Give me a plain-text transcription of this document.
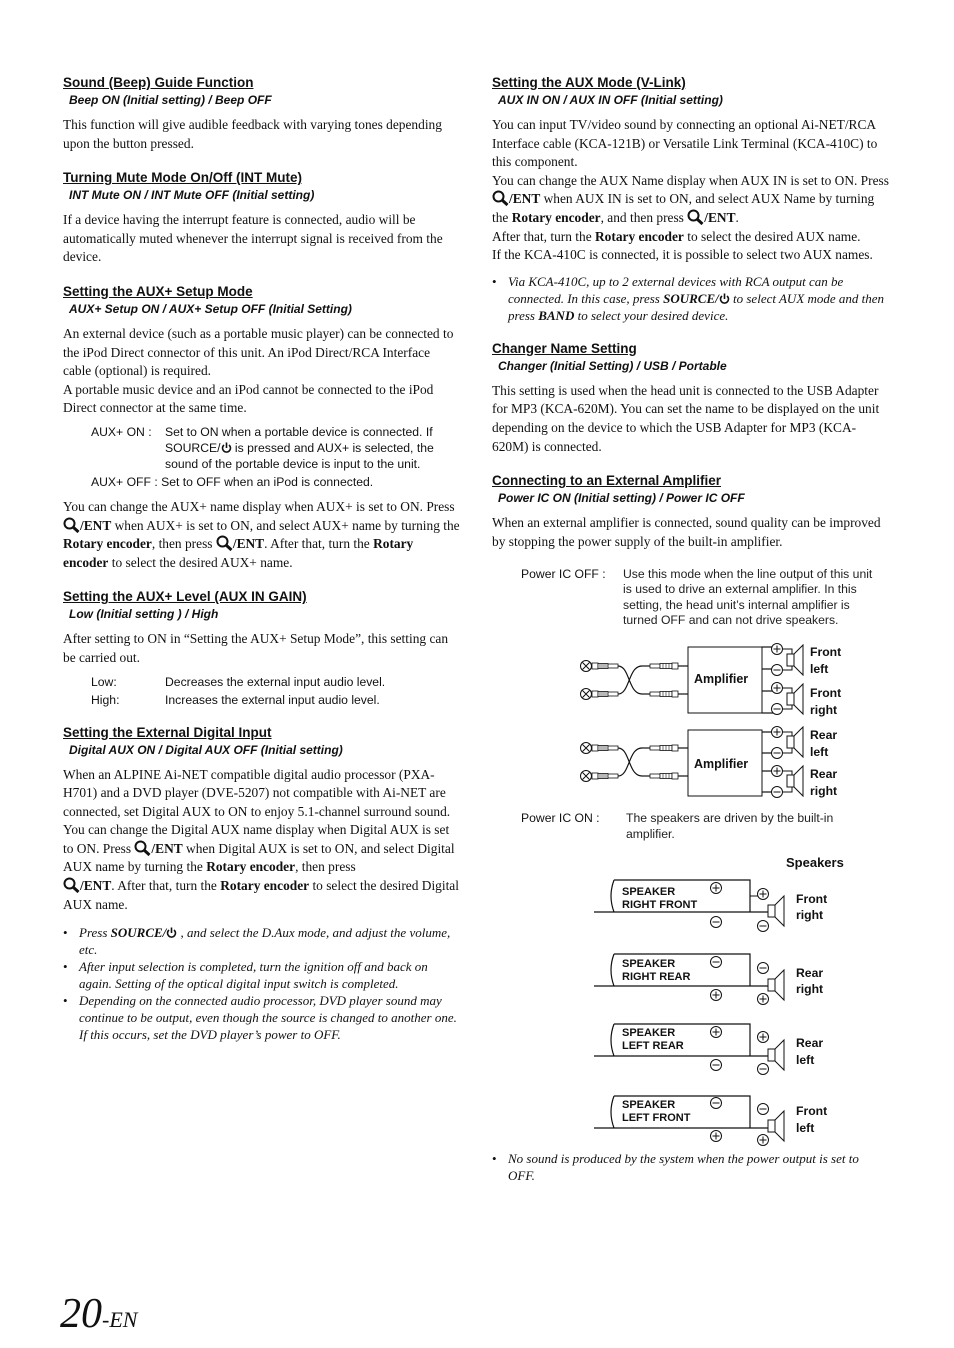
Sound (Beep) Guide Function
Beep ON (Initial setting) / Beep OFF

This function will give audible feedback with varying tones depending upon the button pressed.

Turning Mute Mode On/Off (INT Mute)
INT Mute ON / INT Mute OFF (Initial setting)

If a device having the interrupt feature is connected, audio will be automatically muted whenever the interrupt signal is received from the device.

Setting the AUX+ Setup Mode
AUX+ Setup ON / AUX+ Setup OFF (Initial Setting)

An external device (such as a portable music player) can be connected to the iPod Direct connector of this unit. An iPod Direct/RCA Interface cable (optional) is required.

A portable music device and an iPod cannot be connected to the iPod Direct connector at the same time.

AUX+ ON :	Set to ON when a portable device is connected. If
SOURCE/ is pressed and AUX+ is selected, the sound of the portable device is input to the unit.
AUX+ OFF : Set to OFF when an iPod is connected.

You can change the AUX+ name display when AUX+ is set to ON. Press /ENT when AUX+ is set to ON, and select AUX+ name by turning the Rotary encoder, then press /ENT. After that, turn the Rotary encoder to select the desired AUX+ name.

Setting the AUX+ Level (AUX IN GAIN)
Low (Initial setting ) / High

After setting to ON in “Setting the AUX+ Setup Mode”, this setting can be carried out.

Low:	Decreases the external input audio level.
High:	Increases the external input audio level.
Setting the External Digital Input
Digital AUX ON / Digital AUX OFF (Initial setting)

When an ALPINE Ai-NET compatible digital audio processor (PXA-H701) and a DVD player (DVE-5207) not compatible with Ai-NET are connected, set Digital AUX to ON to enjoy 5.1-channel surround sound.

You can change the Digital AUX name display when Digital AUX is set to ON. Press /ENT when Digital AUX is set to ON, and select Digital AUX name by turning the Rotary encoder, then press
/ENT. After that, turn the Rotary encoder to select the desired Digital AUX name.

• Press SOURCE/ , and select the D.Aux mode, and adjust the volume, etc.
• After input selection is completed, turn the ignition off and back on again. Setting of the optical digital input switch is completed.
• Depending on the connected audio processor, DVD player sound may continue to be output, even though the source is changed to another one. If this occurs, set the DVD player’s power to OFF.
Setting the AUX Mode (V-Link)
AUX IN ON / AUX IN OFF (Initial setting)

You can input TV/video sound by connecting an optional Ai-NET/RCA Interface cable (KCA-121B) or Versatile Link Terminal (KCA-410C) to this component.

You can change the AUX Name display when AUX IN is set to ON. Press /ENT when AUX IN is set to ON, and select AUX Name by turning the Rotary encoder, and then press /ENT.

After that, turn the Rotary encoder to select the desired AUX name.

If the KCA-410C is connected, it is possible to select two AUX names.

• Via KCA-410C, up to 2 external devices with RCA output can be connected. In this case, press SOURCE/ to select AUX mode and then press BAND to select your desired device.
Changer Name Setting
Changer (Initial Setting) / USB / Portable

This setting is used when the head unit is connected to the USB Adapter for MP3 (KCA-620M). You can set the name to be displayed on the unit depending on the device to which the USB Adapter for MP3 (KCA-620M) is connected.

Connecting to an External Amplifier
Power IC ON (Initial setting) / Power IC OFF

When an external amplifier is connected, sound quality can be improved by stopping the power supply of the built-in amplifier.

Power IC OFF : Use this mode when the line output of this unit
is used to drive an external amplifier. In this
setting, the head unit’s internal amplifier is
turned OFF and can not drive speakers.
Amplifier
Front
left
Front
right
Amplifier
Rear
left
Rear
right
Power IC ON : The speakers are driven by the built-in
amplifier.
Speakers
SPEAKER
RIGHT FRONT	Front
right
SPEAKER
RIGHT REAR	Rear
right
SPEAKER
LEFT REAR	Rear
left
SPEAKER
LEFT FRONT	Front
left
• No sound is produced by the system when the power output is set to OFF.
20-EN
